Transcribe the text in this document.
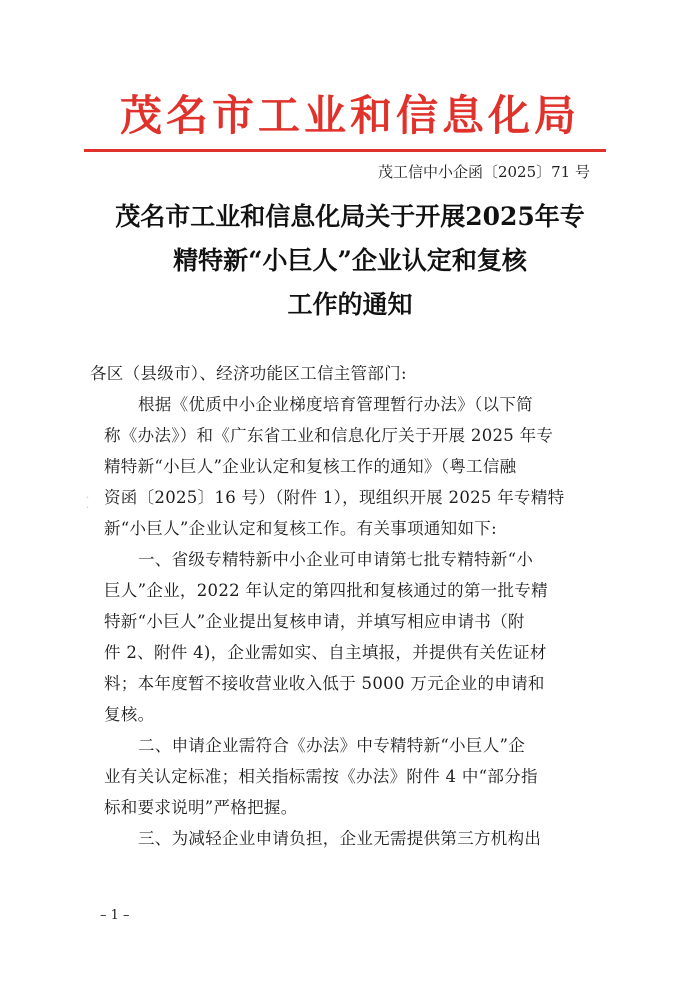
茂名市工业和信息化局
茂工信中小企函〔2025〕71 号
茂名市工业和信息化局关于开展2025年专
精特新“小巨人”企业认定和复核
工作的通知
·
·
各区（县级市）、经济功能区工信主管部门:
根据《优质中小企业梯度培育管理暂行办法》（以下简
称《办法》）和《广东省工业和信息化厅关于开展 2025 年专
精特新“小巨人”企业认定和复核工作的通知》（粤工信融
资函〔2025〕16 号）（附件 1），现组织开展 2025 年专精特
新“小巨人”企业认定和复核工作。有关事项通知如下:
一、省级专精特新中小企业可申请第七批专精特新“小
巨人”企业，2022 年认定的第四批和复核通过的第一批专精
特新“小巨人”企业提出复核申请，并填写相应申请书（附
件 2、附件 4)，企业需如实、自主填报，并提供有关佐证材
料；本年度暂不接收营业收入低于 5000 万元企业的申请和
复核。
二、申请企业需符合《办法》中专精特新“小巨人”企
业有关认定标准；相关指标需按《办法》附件 4 中“部分指
标和要求说明”严格把握。
三、为减轻企业申请负担，企业无需提供第三方机构出
– 1 –
